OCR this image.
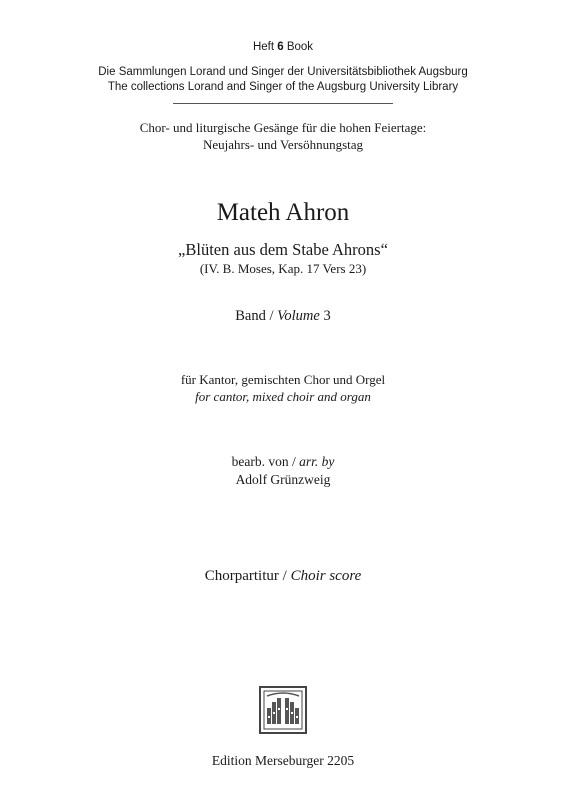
Heft 6 Book
Die Sammlungen Lorand und Singer der Universitätsbibliothek Augsburg
The collections Lorand and Singer of the Augsburg University Library
Chor- und liturgische Gesänge für die hohen Feiertage:
Neujahrs- und Versöhnungstag
Mateh Ahron
„Blüten aus dem Stabe Ahrons“
(IV. B. Moses, Kap. 17 Vers 23)
Band / Volume 3
für Kantor, gemischten Chor und Orgel
for cantor, mixed choir and organ
bearb. von / arr. by
Adolf Grünzweig
Chorpartitur / Choir score
Edition Merseburger 2205
